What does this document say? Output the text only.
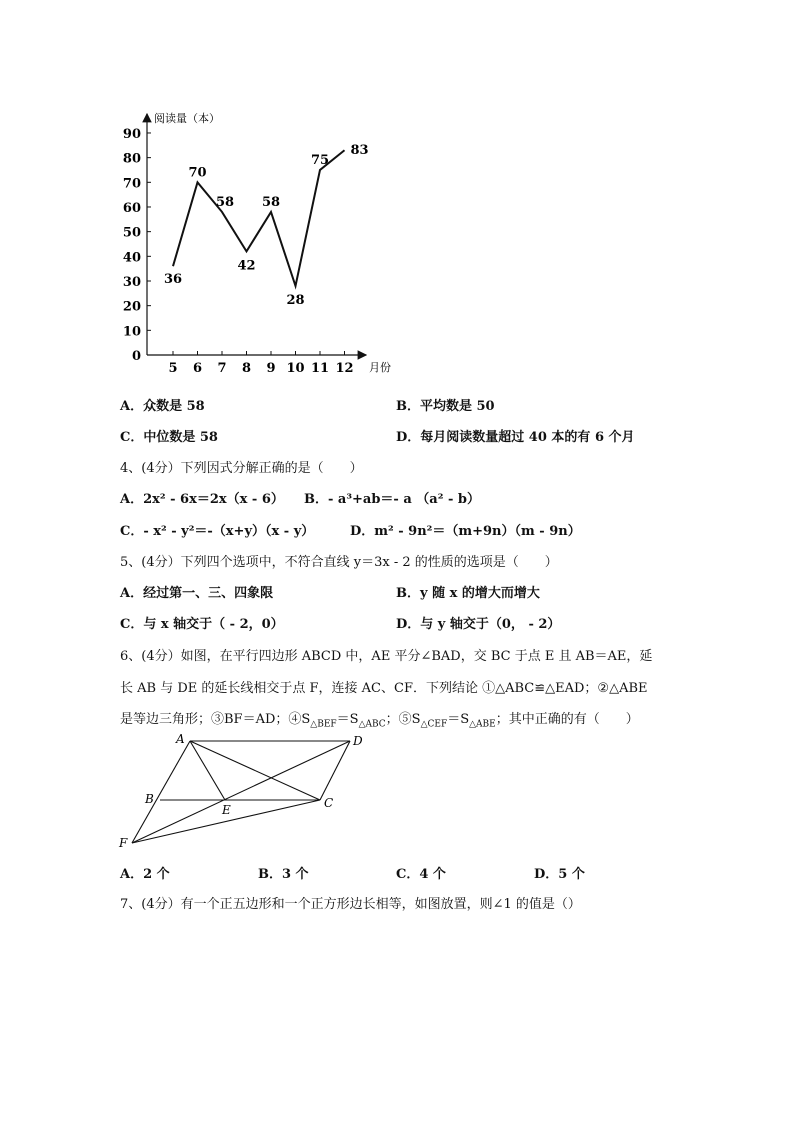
阅读量（本）
月份
0
10
20
30
40
50
60
70
80
90
5 6 7 8 9 10 11 12
36
70
58
42
58
28
75
83
A．众数是 58	B．平均数是 50
C．中位数是 58	D．每月阅读数量超过 40 本的有 6 个月
4、(4分）下列因式分解正确的是（　　）
A．2x² - 6x＝2x（x - 6） B．- a³+ab＝- a （a² - b）
C．- x² - y²＝-（x+y）（x - y）	D．m² - 9n²＝（m+9n）（m - 9n）
5、(4分）下列四个选项中，不符合直线 y＝3x - 2 的性质的选项是（　　）
A．经过第一、三、四象限	B．y 随 x 的增大而增大
C．与 x 轴交于（ - 2，0）	D．与 y 轴交于（0， - 2）
6、(4分）如图，在平行四边形 ABCD 中，AE 平分∠BAD，交 BC 于点 E 且 AB＝AE，延
长 AB 与 DE 的延长线相交于点 F，连接 AC、CF．下列结论 ①△ABC≌△EAD；②△ABE
是等边三角形；③BF＝AD；$④S_{\triangle BEF}=S_{\triangle ABC}$；$⑤S_{\triangle CEF}=S_{\triangle ABE}$；其中正确的有（　　）
A	D
B
E	C
F
A．2 个	B．3 个	C．4 个	D．5 个
7、(4分）有一个正五边形和一个正方形边长相等，如图放置，则∠1 的值是（）
